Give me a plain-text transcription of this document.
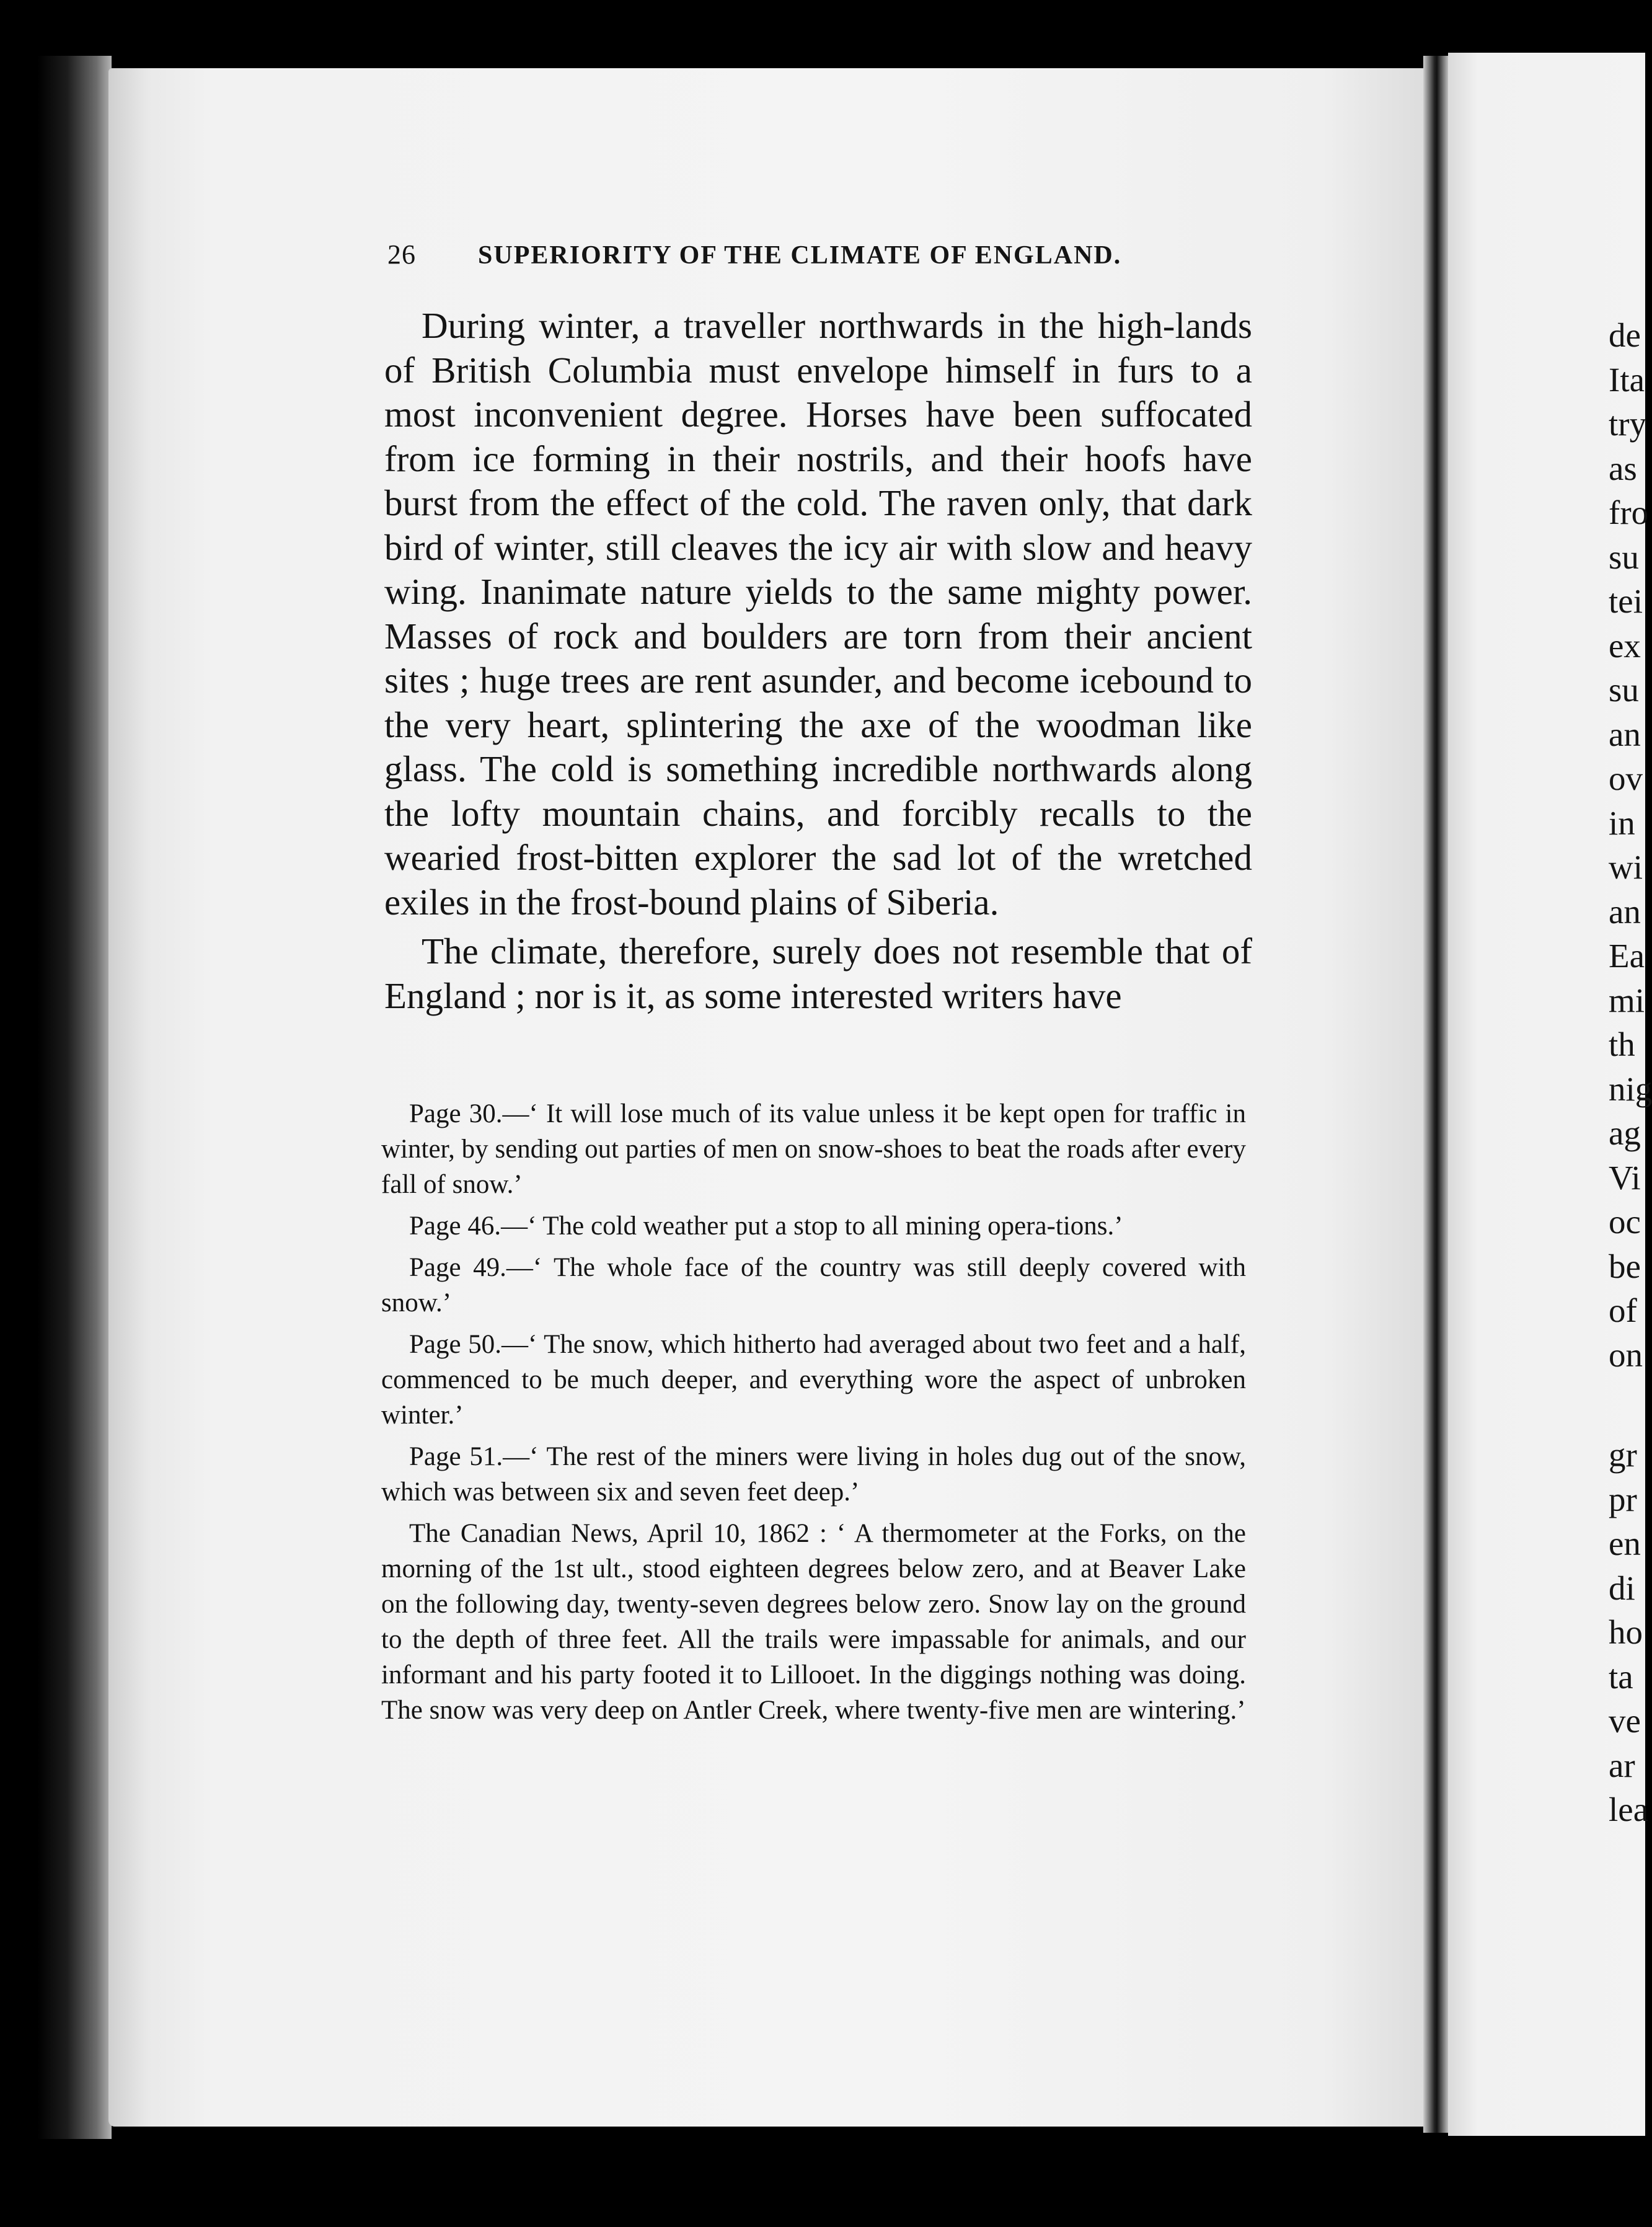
26 SUPERIORITY OF THE CLIMATE OF ENGLAND.

During winter, a traveller northwards in the high-lands of British Columbia must envelope himself in furs to a most inconvenient degree. Horses have been suffocated from ice forming in their nostrils, and their hoofs have burst from the effect of the cold. The raven only, that dark bird of winter, still cleaves the icy air with slow and heavy wing. Inanimate nature yields to the same mighty power. Masses of rock and boulders are torn from their ancient sites ; huge trees are rent asunder, and become icebound to the very heart, splintering the axe of the woodman like glass. The cold is something incredible northwards along the lofty mountain chains, and forcibly recalls to the wearied frost-bitten explorer the sad lot of the wretched exiles in the frost-bound plains of Siberia.

The climate, therefore, surely does not resemble that of England ; nor is it, as some interested writers have

Page 30.—‘ It will lose much of its value unless it be kept open for traffic in winter, by sending out parties of men on snow-shoes to beat the roads after every fall of snow.’

Page 46.—‘ The cold weather put a stop to all mining opera-tions.’

Page 49.—‘ The whole face of the country was still deeply covered with snow.’

Page 50.—‘ The snow, which hitherto had averaged about two feet and a half, commenced to be much deeper, and everything wore the aspect of unbroken winter.’

Page 51.—‘ The rest of the miners were living in holes dug out of the snow, which was between six and seven feet deep.’

The Canadian News, April 10, 1862 : ‘ A thermometer at the Forks, on the morning of the 1st ult., stood eighteen degrees below zero, and at Beaver Lake on the following day, twenty-seven degrees below zero. Snow lay on the ground to the depth of three feet. All the trails were impassable for animals, and our informant and his party footed it to Lillooet. In the diggings nothing was doing. The snow was very deep on Antler Creek, where twenty-five men are wintering.’

de
Ita
try
as
fro
su
tei
ex
su
an
ov
in
wi
an
Ea
mi
th
nig
ag
Vi
oc
be
of
on
gr
pr
en
di
ho
ta
ve
ar
lea
